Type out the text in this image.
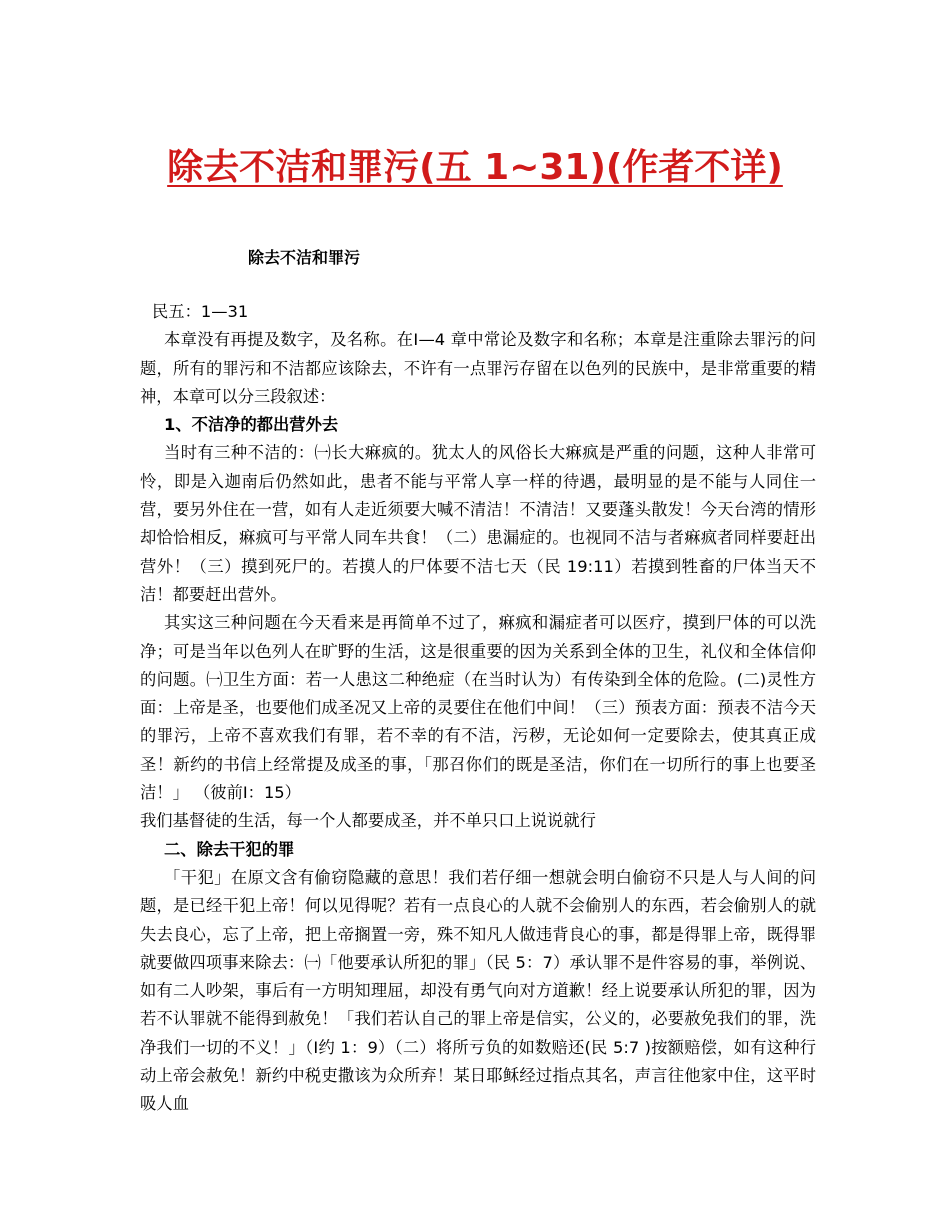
除去不洁和罪污(五 1~31)(作者不详)
除去不洁和罪污

民五：1—31

本章没有再提及数字，及名称。在Ⅰ—4 章中常论及数字和名称；本章是注重除去罪污的问题，所有的罪污和不洁都应该除去，不许有一点罪污存留在以色列的民族中，是非常重要的精神，本章可以分三段叙述：

1、不洁净的都出营外去

当时有三种不洁的：㈠长大痳疯的。犹太人的风俗长大痳疯是严重的问题，这种人非常可怜，即是入迦南后仍然如此，患者不能与平常人享一样的待遇，最明显的是不能与人同住一营，要另外住在一营，如有人走近须要大喊不清洁！不清洁！又要蓬头散发！今天台湾的情形却恰恰相反，痳疯可与平常人同车共食！（二）患漏症的。也视同不洁与者痳疯者同样要赶出营外！（三）摸到死尸的。若摸人的尸体要不洁七天（民 19:11）若摸到牲畜的尸体当天不洁！都要赶出营外。

其实这三种问题在今天看来是再简单不过了，痳疯和漏症者可以医疗，摸到尸体的可以洗净；可是当年以色列人在旷野的生活，这是很重要的因为关系到全体的卫生，礼仪和全体信仰的问题。㈠卫生方面：若一人患这二种绝症（在当时认为）有传染到全体的危险。(二)灵性方面：上帝是圣，也要他们成圣况又上帝的灵要住在他们中间！（三）预表方面：预表不洁今天的罪污，上帝不喜欢我们有罪，若不幸的有不洁，污秽，无论如何一定要除去，使其真正成圣！新约的书信上经常提及成圣的事，「那召你们的既是圣洁，你们在一切所行的事上也要圣洁！」 （彼前Ⅰ：15）

我们基督徒的生活，每一个人都要成圣，并不单只口上说说就行

二、除去干犯的罪

「干犯」在原文含有偷窃隐藏的意思！我们若仔细一想就会明白偷窃不只是人与人间的问题，是已经干犯上帝！何以见得呢？若有一点良心的人就不会偷别人的东西，若会偷别人的就失去良心，忘了上帝，把上帝搁置一旁，殊不知凡人做违背良心的事，都是得罪上帝，既得罪就要做四项事来除去：㈠「他要承认所犯的罪」（民 5：7）承认罪不是件容易的事，举例说、如有二人吵架，事后有一方明知理屈，却没有勇气向对方道歉！经上说要承认所犯的罪，因为若不认罪就不能得到赦免！「我们若认自己的罪上帝是信实，公义的，必要赦免我们的罪，洗净我们一切的不义！」（Ⅰ约 1：9）（二）将所亏负的如数赔还(民 5:7 )按额赔偿，如有这种行动上帝会赦免！新约中税吏撒该为众所弃！某日耶稣经过指点其名，声言往他家中住，这平时吸人血
